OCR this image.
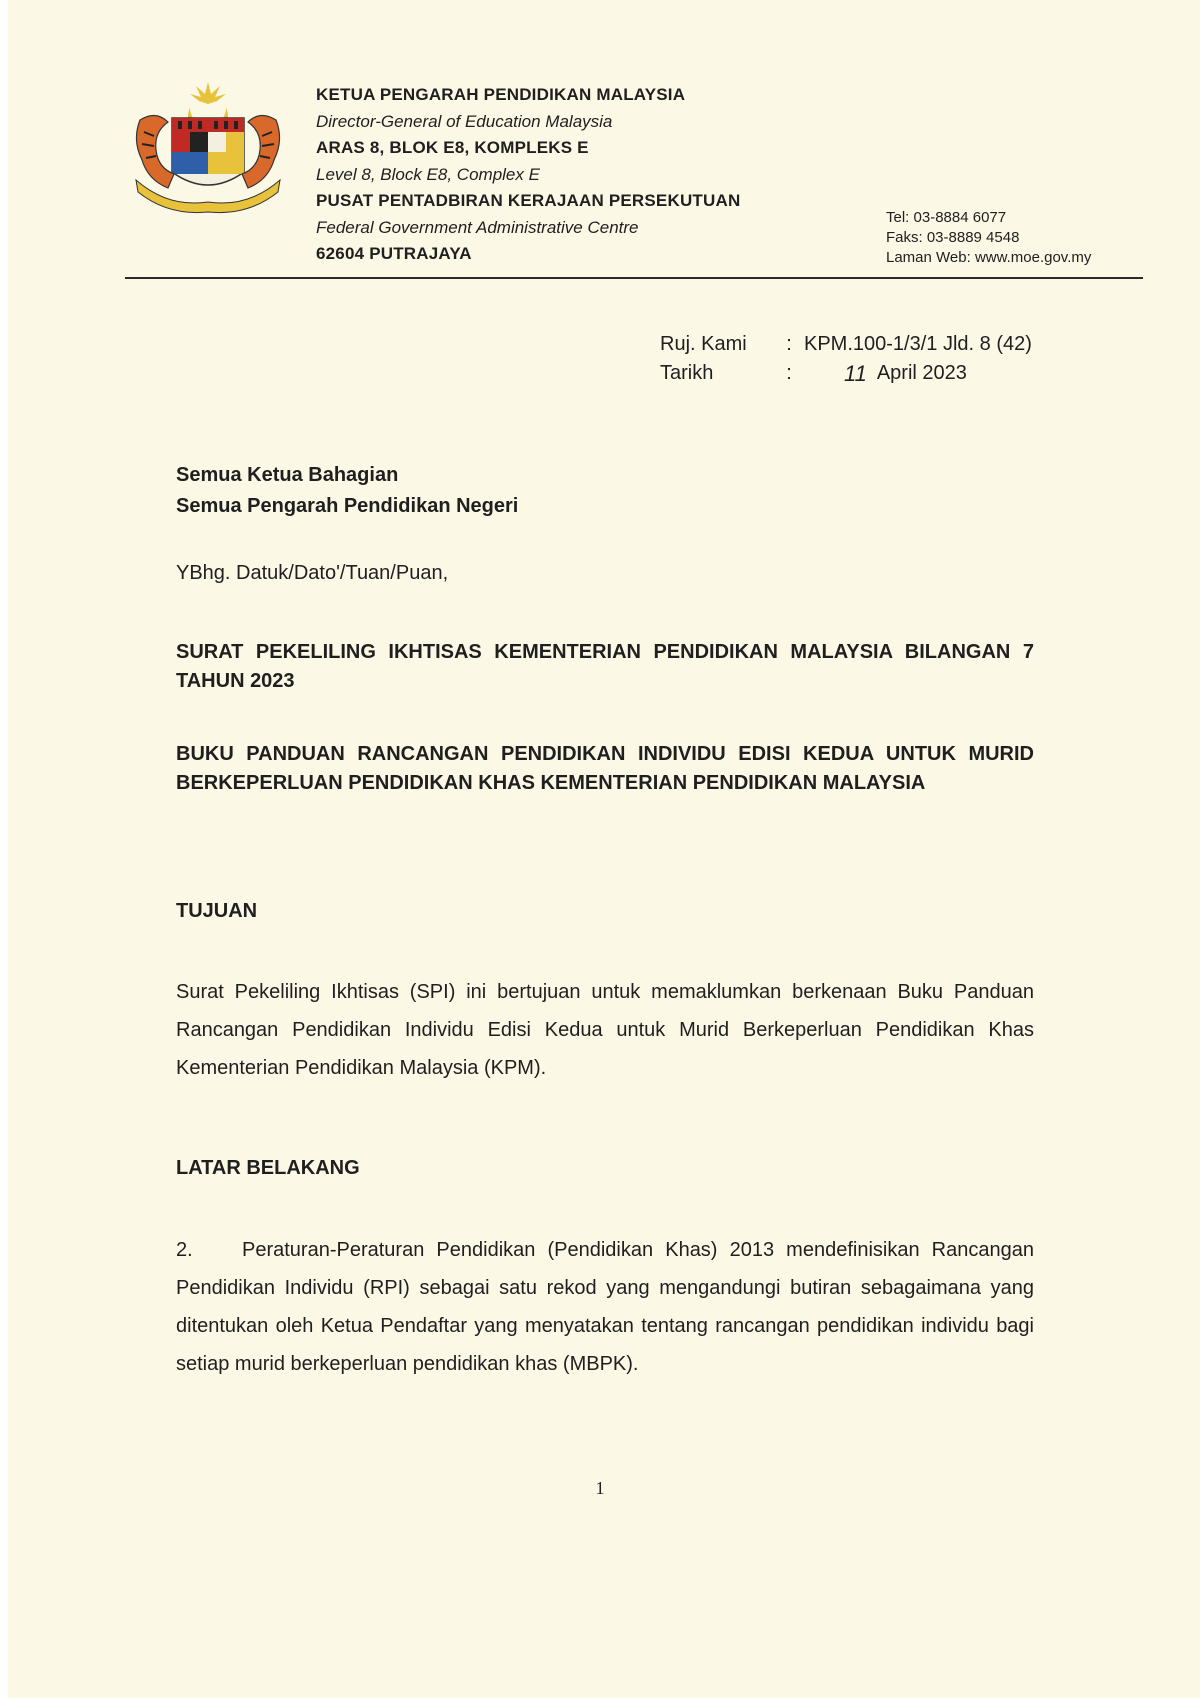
KETUA PENGARAH PENDIDIKAN MALAYSIA
Director-General of Education Malaysia
ARAS 8, BLOK E8, KOMPLEKS E
Level 8, Block E8, Complex E
PUSAT PENTADBIRAN KERAJAAN PERSEKUTUAN
Federal Government Administrative Centre
62604 PUTRAJAYA
Tel: 03-8884 6077
Faks: 03-8889 4548
Laman Web: www.moe.gov.my
Ruj. Kami	: KPM.100-1/3/1 Jld. 8 (42)
Tarikh	:	11 April 2023
Semua Ketua Bahagian
Semua Pengarah Pendidikan Negeri
YBhg. Datuk/Dato'/Tuan/Puan,
SURAT PEKELILING IKHTISAS KEMENTERIAN PENDIDIKAN MALAYSIA BILANGAN 7 TAHUN 2023
BUKU PANDUAN RANCANGAN PENDIDIKAN INDIVIDU EDISI KEDUA UNTUK MURID BERKEPERLUAN PENDIDIKAN KHAS KEMENTERIAN PENDIDIKAN MALAYSIA
TUJUAN
Surat Pekeliling Ikhtisas (SPI) ini bertujuan untuk memaklumkan berkenaan Buku Panduan Rancangan Pendidikan Individu Edisi Kedua untuk Murid Berkeperluan Pendidikan Khas Kementerian Pendidikan Malaysia (KPM).
LATAR BELAKANG
2. Peraturan-Peraturan Pendidikan (Pendidikan Khas) 2013 mendefinisikan Rancangan Pendidikan Individu (RPI) sebagai satu rekod yang mengandungi butiran sebagaimana yang ditentukan oleh Ketua Pendaftar yang menyatakan tentang rancangan pendidikan individu bagi setiap murid berkeperluan pendidikan khas (MBPK).
1
